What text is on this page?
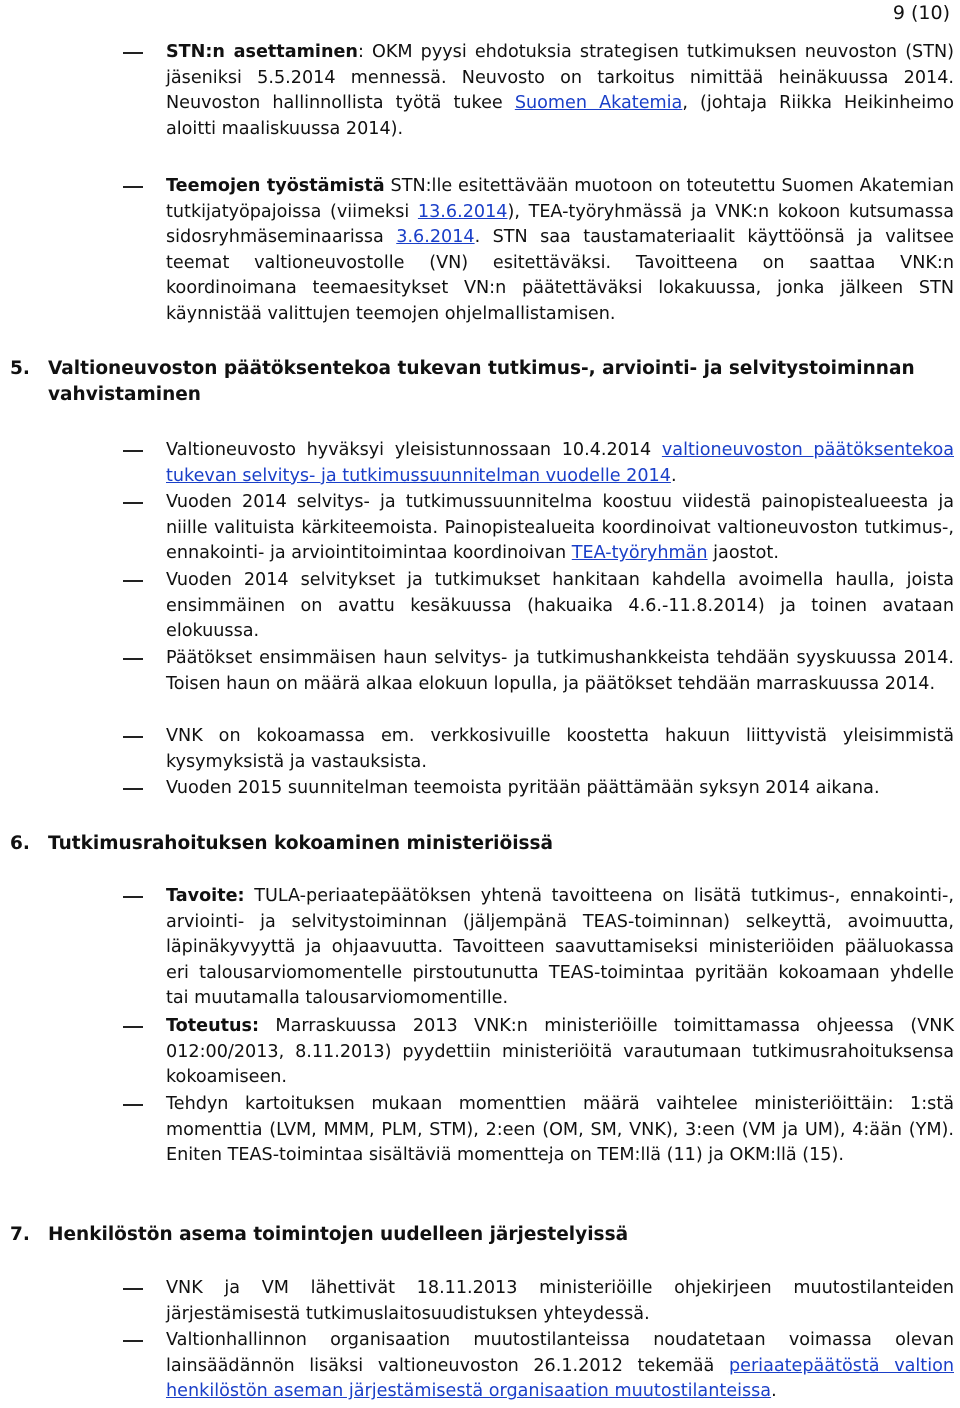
9 (10)
STN:n asettaminen: OKM pyysi ehdotuksia strategisen tutkimuksen neuvoston (STN) jäseniksi 5.5.2014 mennessä. Neuvosto on tarkoitus nimittää heinäkuussa 2014. Neuvoston hallinnollista työtä tukee Suomen Akatemia, (johtaja Riikka Heikinheimo aloitti maaliskuussa 2014).
Teemojen työstämistä STN:lle esitettävään muotoon on toteutettu Suomen Akatemian tutkijatyöpajoissa (viimeksi 13.6.2014), TEA-työryhmässä ja VNK:n kokoon kutsumassa sidosryhmäseminaarissa 3.6.2014. STN saa taustamateriaalit käyttöönsä ja valitsee teemat valtioneuvostolle (VN) esitettäväksi. Tavoitteena on saattaa VNK:n koordinoimana teemaesitykset VN:n päätettäväksi lokakuussa, jonka jälkeen STN käynnistää valittujen teemojen ohjelmallistamisen.
5. Valtioneuvoston päätöksentekoa tukevan tutkimus-, arviointi- ja selvitystoiminnan vahvistaminen
Valtioneuvosto hyväksyi yleisistunnossaan 10.4.2014 valtioneuvoston päätöksentekoa tukevan selvitys- ja tutkimussuunnitelman vuodelle 2014.
Vuoden 2014 selvitys- ja tutkimussuunnitelma koostuu viidestä painopistealueesta ja niille valituista kärkiteemoista. Painopistealueita koordinoivat valtioneuvoston tutkimus-, ennakointi- ja arviointitoimintaa koordinoivan TEA-työryhmän jaostot.
Vuoden 2014 selvitykset ja tutkimukset hankitaan kahdella avoimella haulla, joista ensimmäinen on avattu kesäkuussa (hakuaika 4.6.-11.8.2014) ja toinen avataan elokuussa.
Päätökset ensimmäisen haun selvitys- ja tutkimushankkeista tehdään syyskuussa 2014. Toisen haun on määrä alkaa elokuun lopulla, ja päätökset tehdään marraskuussa 2014.
VNK on kokoamassa em. verkkosivuille koostetta hakuun liittyvistä yleisimmistä kysymyksistä ja vastauksista.
Vuoden 2015 suunnitelman teemoista pyritään päättämään syksyn 2014 aikana.
6. Tutkimusrahoituksen kokoaminen ministeriöissä
Tavoite: TULA-periaatepäätöksen yhtenä tavoitteena on lisätä tutkimus-, ennakointi-, arviointi- ja selvitystoiminnan (jäljempänä TEAS-toiminnan) selkeyttä, avoimuutta, läpinäkyvyyttä ja ohjaavuutta. Tavoitteen saavuttamiseksi ministeriöiden pääluokassa eri talousarviomomentelle pirstoutunutta TEAS-toimintaa pyritään kokoamaan yhdelle tai muutamalla talousarviomomentille.
Toteutus: Marraskuussa 2013 VNK:n ministeriöille toimittamassa ohjeessa (VNK 012:00/2013, 8.11.2013) pyydettiin ministeriöitä varautumaan tutkimusrahoituksensa kokoamiseen.
Tehdyn kartoituksen mukaan momenttien määrä vaihtelee ministeriöittäin: 1:stä momenttia (LVM, MMM, PLM, STM), 2:een (OM, SM, VNK), 3:een (VM ja UM), 4:ään (YM). Eniten TEAS-toimintaa sisältäviä momentteja on TEM:llä (11) ja OKM:llä (15).
7. Henkilöstön asema toimintojen uudelleen järjestelyissä
VNK ja VM lähettivät 18.11.2013 ministeriöille ohjekirjeen muutostilanteiden järjestämisestä tutkimuslaitosuudistuksen yhteydessä.
Valtionhallinnon organisaation muutostilanteissa noudatetaan voimassa olevan lainsäädännön lisäksi valtioneuvoston 26.1.2012 tekemää periaatepäätöstä valtion henkilöstön aseman järjestämisestä organisaation muutostilanteissa.
